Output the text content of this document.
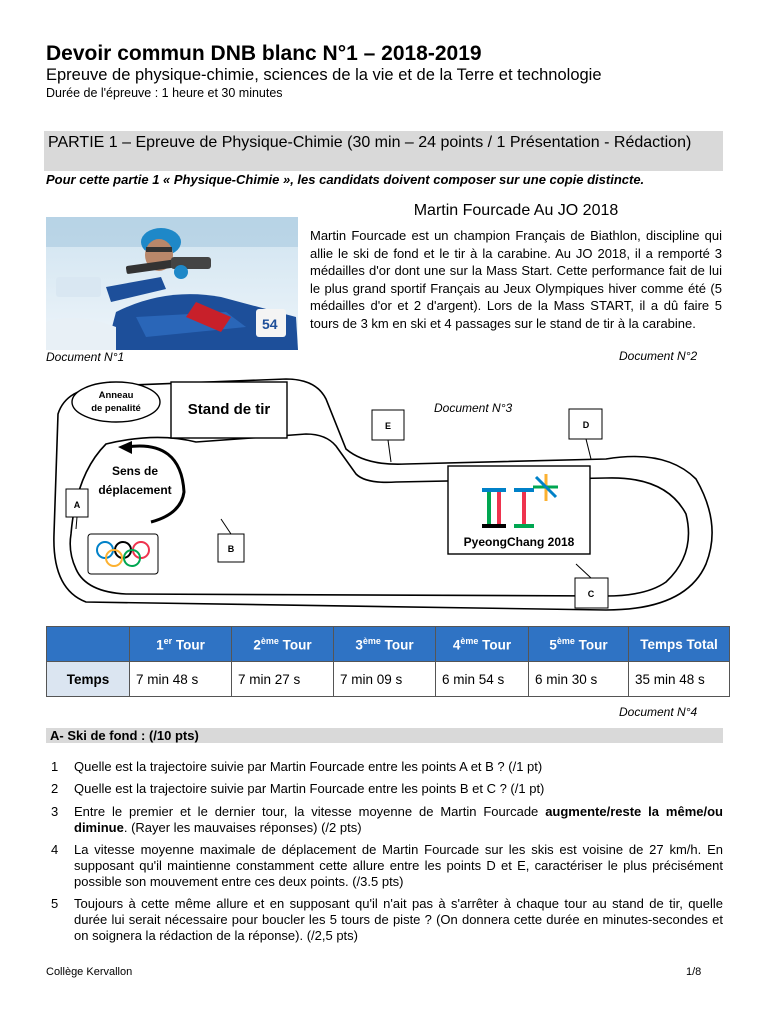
Devoir commun DNB blanc N°1 – 2018-2019
Epreuve de physique-chimie, sciences de la vie et de la Terre et technologie
Durée de l'épreuve : 1 heure et 30 minutes
PARTIE 1 – Epreuve de Physique-Chimie (30 min – 24 points / 1 Présentation - Rédaction)
Pour cette partie 1 « Physique-Chimie », les candidats doivent composer sur une copie distincte.
54
Document N°1
Martin Fourcade Au JO 2018
Martin Fourcade est un champion Français de Biathlon, discipline qui allie le ski de fond et le tir à la carabine. Au JO 2018, il a remporté 3 médailles d'or dont une sur la Mass Start. Cette performance fait de lui le plus grand sportif Français au Jeux Olympiques hiver comme été (5 médailles d'or et 2 d'argent). Lors de la Mass START, il a dû faire 5 tours de 3 km en ski et 4 passages sur le stand de tir à la carabine.
Document N°2
Anneau
de penalité	Stand de tir
Sens de
déplacement
A
B
C
D
E
Document N°3
PyeongChang 2018
	1er Tour	2ème Tour	3ème Tour	4ème Tour	5ème Tour	Temps Total
Temps	7 min 48 s	7 min 27 s	7 min 09 s	6 min 54 s	6 min 30 s	35 min 48 s
Document N°4
A- Ski de fond : (/10 pts)
1 Quelle est la trajectoire suivie par Martin Fourcade entre les points A et B ? (/1 pt)
2 Quelle est la trajectoire suivie par Martin Fourcade entre les points B et C ? (/1 pt)
3 Entre le premier et le dernier tour, la vitesse moyenne de Martin Fourcade augmente/reste la même/ou diminue. (Rayer les mauvaises réponses) (/2 pts)
4 La vitesse moyenne maximale de déplacement de Martin Fourcade sur les skis est voisine de 27 km/h. En supposant qu'il maintienne constamment cette allure entre les points D et E, caractériser le plus précisément possible son mouvement entre ces deux points. (/3.5 pts)
5 Toujours à cette même allure et en supposant qu'il n'ait pas à s'arrêter à chaque tour au stand de tir, quelle durée lui serait nécessaire pour boucler les 5 tours de piste ? (On donnera cette durée en minutes-secondes et on soignera la rédaction de la réponse). (/2,5 pts)
Collège Kervallon	1/8
